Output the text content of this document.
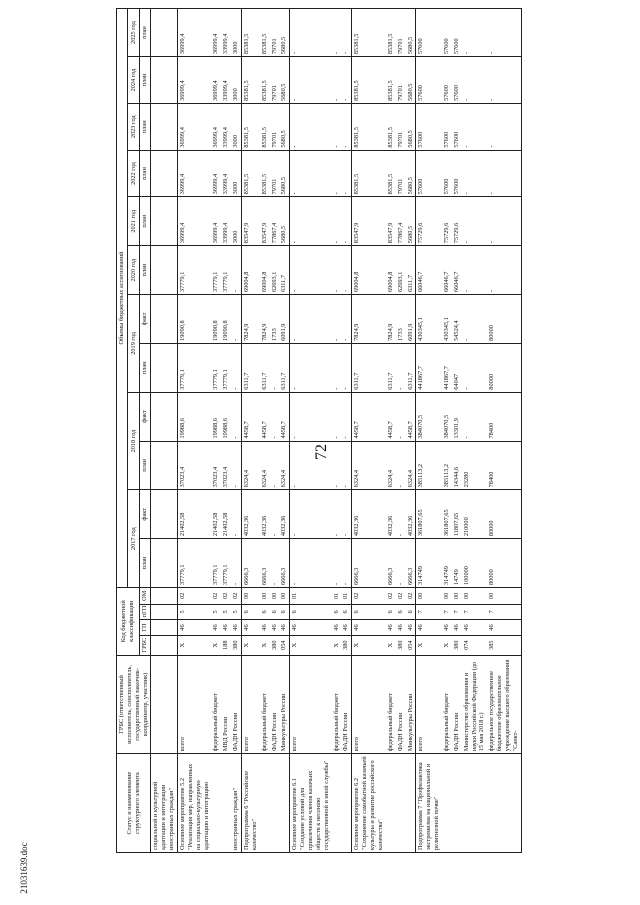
72
21031639.doc
Статус и наименование структурного элемента	ГРБС (ответственный исполнитель, соисполнитель, государственный заказчик-координатор, участник)	Код бюджетной классификации				Объемы бюджетных ассигнований											
						2017 год		2018 год		2019 год		2020 год	2021 год	2022 год	2023 год	2024 год	2025 год
		ГРБС	ГП	пГП	ОМ	план	факт	план	факт	план	факт	план	план	план	план	план	план
социальной и культурной адаптации и интеграции иностранных граждан"																	
Основное мероприятие 5.2 "Реализация мер, направленных на социально-культурную адаптацию и интеграцию	всего	X	46	5	02	37779,1	21402,58	37023,4	19988,6	37779,1	19090,8	37779,1	36999,4	36999,4	36999,4	36999,4	36999,4
	федеральный бюджет	X	46	5	02	37779,1	21402,58	37023,4	19988,6	37779,1	19090,8	37779,1	36999,4	36999,4	36999,4	36999,4	36999,4
	МВД России	188	46	5	02	37779,1	21402,58	37023,4	19988,6	37779,1	19090,8	37779,1	33999,4	33999,4	33999,4	33999,4	33999,4
иностранных граждан"	ФАДН России	380	46	5	02	-	-	-	-	-	-	-	3000	3000	3000	3000	3000
Подпрограмма 6 "Российское казачество"	всего	X	46	6	00	6666,3	4032,36	6324,4	4458,7	6311,7	7824,9	69004,8	83547,9	85381,5	85381,5	85381,5	85381,5
	федеральный бюджет	X	46	6	00	6666,3	4032,36	6324,4	4458,7	6311,7	7824,9	69004,8	83547,9	85381,5	85381,5	85381,5	85381,5
	ФАДН России	380	46	6	00	-	-	-	-	-	1733	62693,1	77867,4	79701	79701	79701	79701
	Минкультуры России	054	46	6	00	6666,3	4032,36	6324,4	4458,7	6311,7	6091,9	6311,7	5680,5	5680,5	5680,5	5680,5	5680,5
Основное мероприятие 6.1 "Создание условий для привлечения членов казачьих обществ к несению государственной и иной службы"	всего	X	46	6	01	-	-	-	-	-	-	-	-	-	-	-	-
	федеральный бюджет	X	46	6	01	-	-	-	-	-	-	-	-	-	-	-	-
	ФАДН России	380	46	6	01	-	-	-	-	-	-	-	-	-	-	-	-
Основное мероприятие 6.2 "Сохранение самобытной казачьей культуры и развитие российского казачества"	всего	X	46	6	02	6666,3	4032,36	6324,4	4458,7	6311,7	7824,9	69004,8	83547,9	85381,5	85381,5	85381,5	85381,5
	федеральный бюджет	X	46	6	02	6666,3	4032,36	6324,4	4458,7	6311,7	7824,9	69004,8	83547,9	85381,5	85381,5	85381,5	85381,5
	ФАДН России	380	46	6	02	-	-	-	-	-	1733	62693,1	77867,4	79701	79701	79701	79701
	Минкультуры России	054	46	6	02	6666,3	4032,36	6324,4	4458,7	6311,7	6091,9	6311,7	5680,5	5680,5	5680,5	5680,5	5680,5
Подпрограмма 7 "Профилактика экстремизма на национальной и религиозной почве"	всего	X	46	7	00	314749	361807,65	385113,2	384070,5	441867,7	430345,1	66046,7	75729,6	57600	57600	57600	57600
	федеральный бюджет	X	46	7	00	314749	361807,65	385113,2	384070,5	441867,7	430345,1	66046,7	75729,6	57600	57600	57600	57600
	ФАДН России	380	46	7	00	14749	11807,65	14344,6	13301,9	64047	54524,4	66046,7	75729,6	57600	57600	57600	57600
	Министерство образования и науки Российской Федерации (до 15 мая 2018 г.)	074	46	7	00	100000	210000	23280	-	-	-	-	-	-	-	-	-
	федеральное государственное бюджетное образовательное учреждение высшего образования "Санкт-	385	46	7	00	80000	80000	78400	78400	80000	80000	-	-	-	-	-	-
